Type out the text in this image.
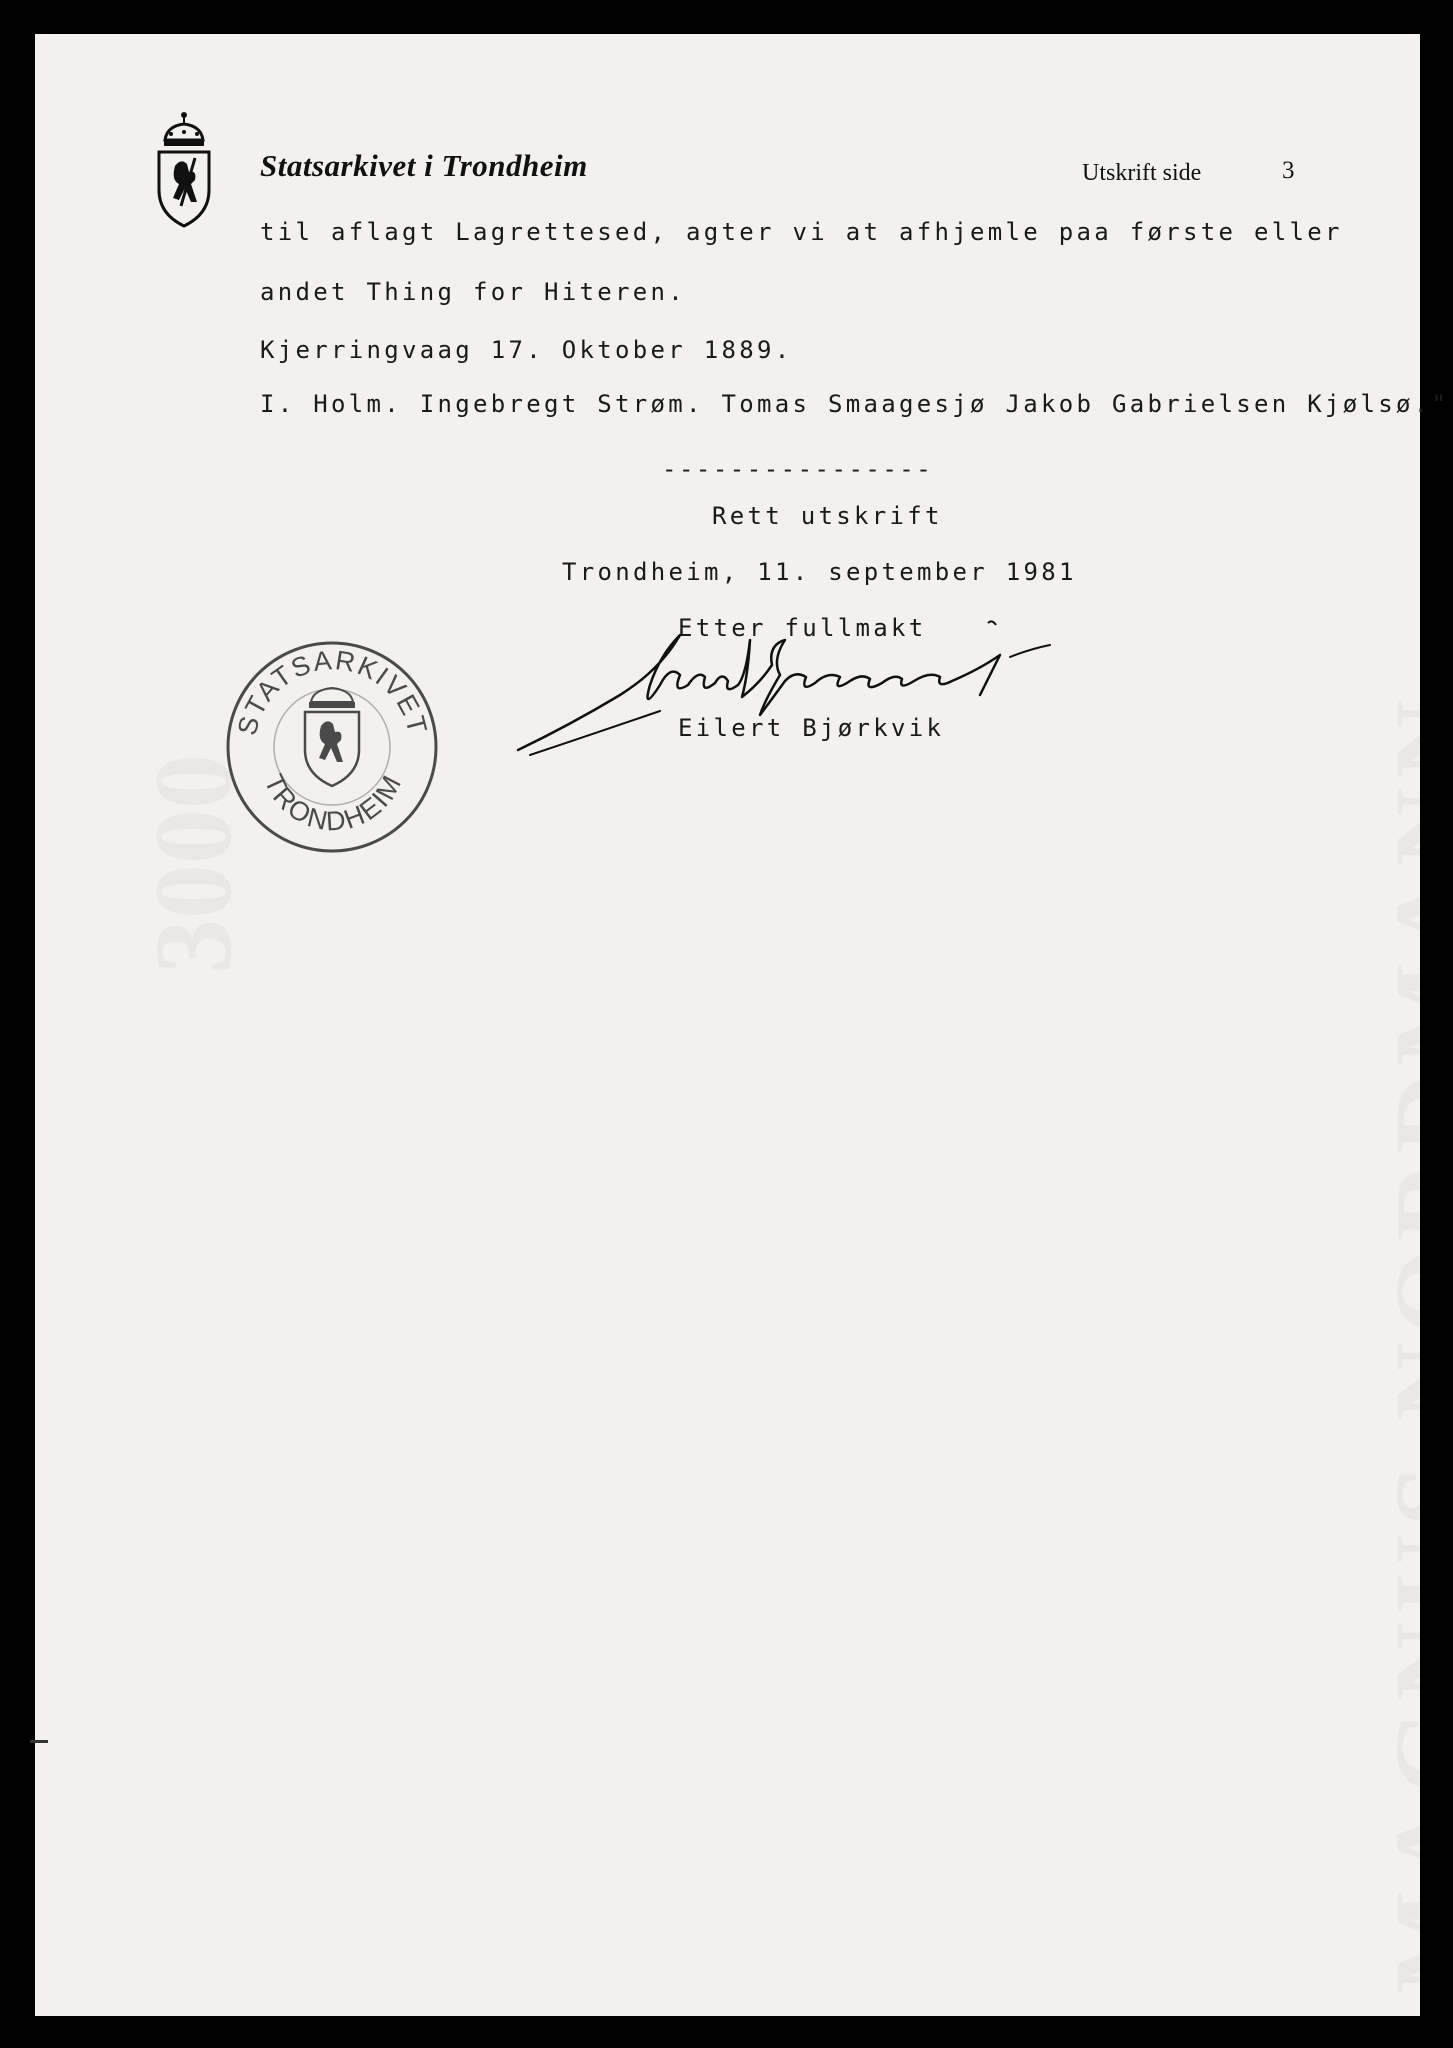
Statsarkivet i Trondheim	Utskrift side	3
til aflagt Lagrettesed, agter vi at afhjemle paa første eller
andet Thing for Hiteren.
Kjerringvaag 17. Oktober 1889.
I. Holm. Ingebregt Strøm. Tomas Smaagesjø Jakob Gabrielsen Kjølsø."
----------------
Rett utskrift
Trondheim, 11. september 1981
Etter fullmakt
Eilert Bjørkvik
STATSARKIVET
TRONDHEIM
